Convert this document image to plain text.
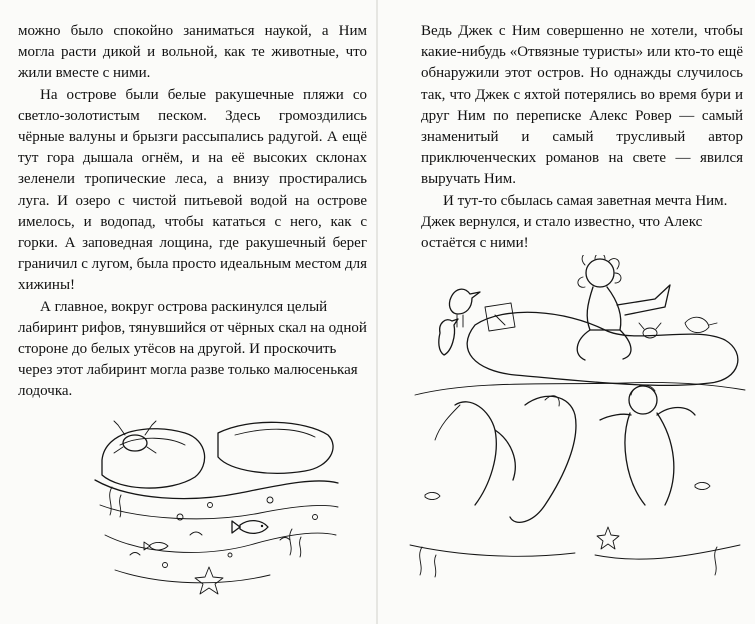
можно было спокойно заниматься наукой, а Ним могла расти дикой и вольной, как те животные, что жили вместе с ними.

На острове были белые ракушечные пляжи со светло-золотистым песком. Здесь громоздились чёрные валуны и брызги рассыпались радугой. А ещё тут гора дышала огнём, и на её высоких склонах зеленели тропические леса, а внизу простирались луга. И озеро с чистой питьевой водой на острове имелось, и водопад, чтобы кататься с него, как с горки. А заповедная лощина, где ракушечный берег граничил с лугом, была просто идеальным местом для хижины!

А главное, вокруг острова раскинулся целый лабиринт рифов, тянувшийся от чёрных скал на одной стороне до белых утёсов на другой. И проскочить через этот лабиринт могла разве только малюсенькая лодочка.

Ведь Джек с Ним совершенно не хотели, чтобы какие-нибудь «Отвязные туристы» или кто-то ещё обнаружили этот остров. Но однажды случилось так, что Джек с яхтой потерялись во время бури и друг Ним по переписке Алекс Ровер — самый знаменитый и самый трусливый автор приключенческих романов на свете — явился выручать Ним.

И тут-то сбылась самая заветная мечта Ним. Джек вернулся, и стало известно, что Алекс остаётся с ними!
